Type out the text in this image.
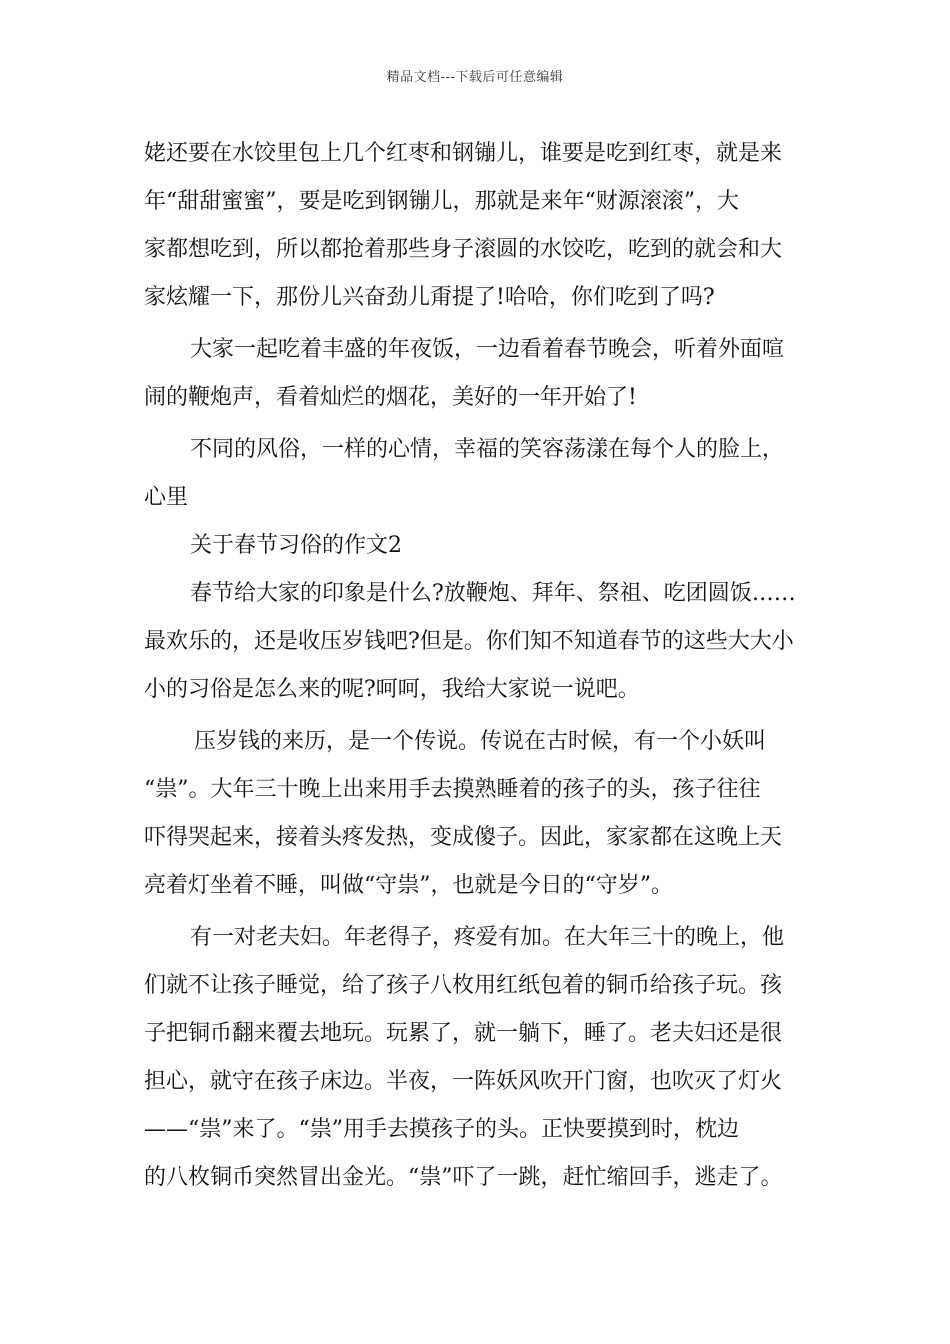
精品文档---下载后可任意编辑
姥还要在水饺里包上几个红枣和钢镚儿，谁要是吃到红枣，就是来
年“甜甜蜜蜜”，要是吃到钢镚儿，那就是来年“财源滚滚”，大
家都想吃到，所以都抢着那些身子滚圆的水饺吃，吃到的就会和大
家炫耀一下，那份儿兴奋劲儿甭提了!哈哈，你们吃到了吗?
大家一起吃着丰盛的年夜饭，一边看着春节晚会，听着外面喧
闹的鞭炮声，看着灿烂的烟花，美好的一年开始了!
不同的风俗，一样的心情，幸福的笑容荡漾在每个人的脸上，
心里
关于春节习俗的作文2
春节给大家的印象是什么?放鞭炮、拜年、祭祖、吃团圆饭……
最欢乐的，还是收压岁钱吧?但是。你们知不知道春节的这些大大小
小的习俗是怎么来的呢?呵呵，我给大家说一说吧。
压岁钱的来历，是一个传说。传说在古时候，有一个小妖叫
“祟”。大年三十晚上出来用手去摸熟睡着的孩子的头，孩子往往
吓得哭起来，接着头疼发热，变成傻子。因此，家家都在这晚上天
亮着灯坐着不睡，叫做“守祟”，也就是今日的“守岁”。
有一对老夫妇。年老得子，疼爱有加。在大年三十的晚上，他
们就不让孩子睡觉，给了孩子八枚用红纸包着的铜币给孩子玩。孩
子把铜币翻来覆去地玩。玩累了，就一躺下，睡了。老夫妇还是很
担心，就守在孩子床边。半夜，一阵妖风吹开门窗，也吹灭了灯火
——“祟”来了。“祟”用手去摸孩子的头。正快要摸到时，枕边
的八枚铜币突然冒出金光。“祟”吓了一跳，赶忙缩回手，逃走了。
